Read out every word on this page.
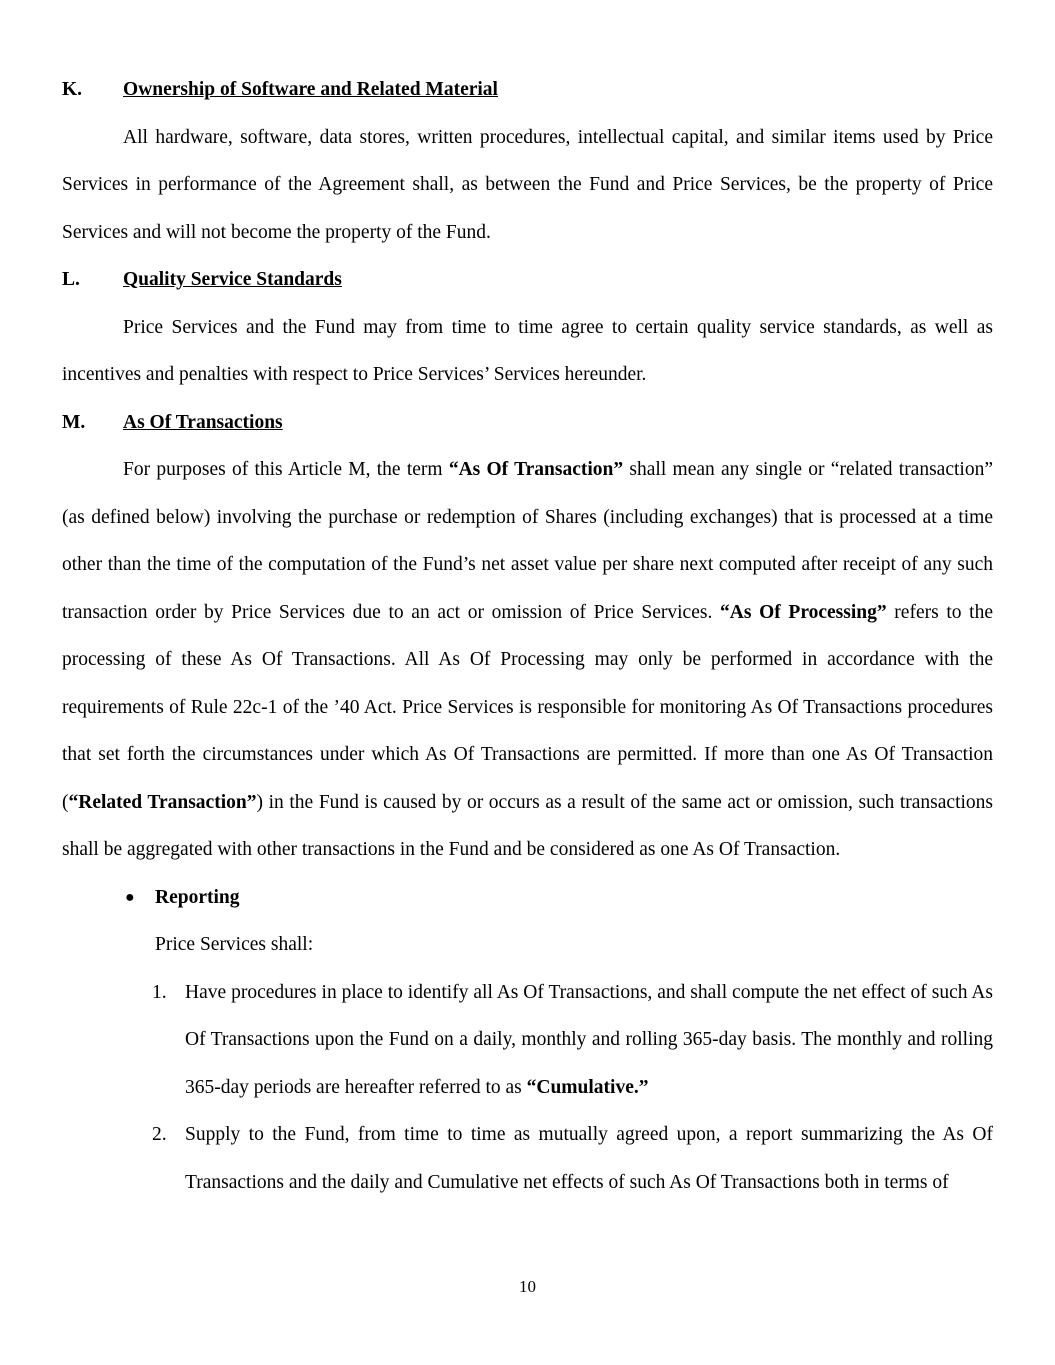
K.	Ownership of Software and Related Material

All hardware, software, data stores, written procedures, intellectual capital, and similar items used by Price Services in performance of the Agreement shall, as between the Fund and Price Services, be the property of Price Services and will not become the property of the Fund.

L.	Quality Service Standards

Price Services and the Fund may from time to time agree to certain quality service standards, as well as incentives and penalties with respect to Price Services’ Services hereunder.

M.	As Of Transactions

For purposes of this Article M, the term “As Of Transaction” shall mean any single or “related transaction” (as defined below) involving the purchase or redemption of Shares (including exchanges) that is processed at a time other than the time of the computation of the Fund’s net asset value per share next computed after receipt of any such transaction order by Price Services due to an act or omission of Price Services. “As Of Processing” refers to the processing of these As Of Transactions. All As Of Processing may only be performed in accordance with the requirements of Rule 22c-1 of the ’40 Act. Price Services is responsible for monitoring As Of Transactions procedures that set forth the circumstances under which As Of Transactions are permitted. If more than one As Of Transaction (“Related Transaction”) in the Fund is caused by or occurs as a result of the same act or omission, such transactions shall be aggregated with other transactions in the Fund and be considered as one As Of Transaction.

●	Reporting

Price Services shall:

1. Have procedures in place to identify all As Of Transactions, and shall compute the net effect of such As Of Transactions upon the Fund on a daily, monthly and rolling 365-day basis. The monthly and rolling 365-day periods are hereafter referred to as “Cumulative.”
2. Supply to the Fund, from time to time as mutually agreed upon, a report summarizing the As Of Transactions and the daily and Cumulative net effects of such As Of Transactions both in terms of
10
